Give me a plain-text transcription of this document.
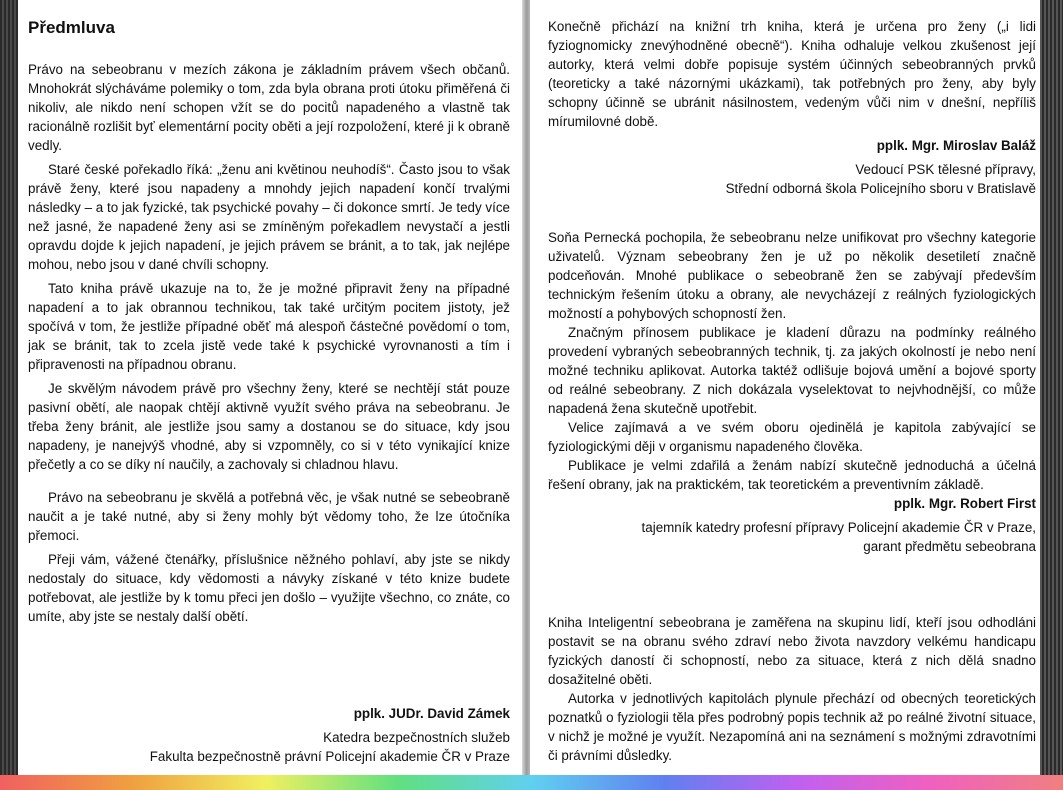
Předmluva

Právo na sebeobranu v mezích zákona je základním právem všech občanů. Mnohokrát slýcháváme polemiky o tom, zda byla obrana proti útoku přiměřená či nikoliv, ale nikdo není schopen vžít se do pocitů napadeného a vlastně tak racionálně rozlišit byť elementární pocity oběti a její rozpoložení, které ji k obraně vedly.

Staré české pořekadlo říká: „ženu ani květinou neuhodíš“. Často jsou to však právě ženy, které jsou napadeny a mnohdy jejich napadení končí trvalými následky – a to jak fyzické, tak psychické povahy – či dokonce smrtí. Je tedy více než jasné, že napadené ženy asi se zmíněným pořekadlem nevystačí a jestli opravdu dojde k jejich napadení, je jejich právem se bránit, a to tak, jak nejlépe mohou, nebo jsou v dané chvíli schopny.

Tato kniha právě ukazuje na to, že je možné připravit ženy na případné napadení a to jak obrannou technikou, tak také určitým pocitem jistoty, jež spočívá v tom, že jestliže případné oběť má alespoň částečné povědomí o tom, jak se bránit, tak to zcela jistě vede také k psychické vyrovnanosti a tím i připravenosti na případnou obranu.

Je skvělým návodem právě pro všechny ženy, které se nechtějí stát pouze pasivní obětí, ale naopak chtějí aktivně využít svého práva na sebeobranu. Je třeba ženy bránit, ale jestliže jsou samy a dostanou se do situace, kdy jsou napadeny, je nanejvýš vhodné, aby si vzpomněly, co si v této vynikající knize přečetly a co se díky ní naučily, a zachovaly si chladnou hlavu.

Právo na sebeobranu je skvělá a potřebná věc, je však nutné se sebeobraně naučit a je také nutné, aby si ženy mohly být vědomy toho, že lze útočníka přemoci.

Přeji vám, vážené čtenářky, příslušnice něžného pohlaví, aby jste se nikdy nedostaly do situace, kdy vědomosti a návyky získané v této knize budete potřebovat, ale jestliže by k tomu přeci jen došlo – využijte všechno, co znáte, co umíte, aby jste se nestaly další obětí.

pplk. JUDr. David Zámek

Katedra bezpečnostních služeb

Fakulta bezpečnostně právní Policejní akademie ČR v Praze

Konečně přichází na knižní trh kniha, která je určena pro ženy („i lidi fyziognomicky znevýhodněné obecně“). Kniha odhaluje velkou zkušenost její autorky, která velmi dobře popisuje systém účinných sebeobranných prvků (teoreticky a také názornými ukázkami), tak potřebných pro ženy, aby byly schopny účinně se ubránit násilnostem, vedeným vůči nim v dnešní, nepříliš mírumilovné době.

pplk. Mgr. Miroslav Baláž

Vedoucí PSK tělesné přípravy,

Střední odborná škola Policejního sboru v Bratislavě

Soňa Pernecká pochopila, že sebeobranu nelze unifikovat pro všechny kategorie uživatelů. Význam sebeobrany žen je už po několik desetiletí značně podceňován. Mnohé publikace o sebeobraně žen se zabývají především technickým řešením útoku a obrany, ale nevycházejí z reálných fyziologických možností a pohybových schopností žen.

Značným přínosem publikace je kladení důrazu na podmínky reálného provedení vybraných sebeobranných technik, tj. za jakých okolností je nebo není možné techniku aplikovat. Autorka taktéž odlišuje bojová umění a bojové sporty od reálné sebeobrany. Z nich dokázala vyselektovat to nejvhodnější, co může napadená žena skutečně upotřebit.

Velice zajímavá a ve svém oboru ojedinělá je kapitola zabývající se fyziologickými ději v organismu napadeného člověka.

Publikace je velmi zdařilá a ženám nabízí skutečně jednoduchá a účelná řešení obrany, jak na praktickém, tak teoretickém a preventivním základě.

pplk. Mgr. Robert First

tajemník katedry profesní přípravy Policejní akademie ČR v Praze,

garant předmětu sebeobrana

Kniha Inteligentní sebeobrana je zaměřena na skupinu lidí, kteří jsou odhodláni postavit se na obranu svého zdraví nebo života navzdory velkému handicapu fyzických daností či schopností, nebo za situace, která z nich dělá snadno dosažitelné oběti.

Autorka v jednotlivých kapitolách plynule přechází od obecných teoretických poznatků o fyziologii těla přes podrobný popis technik až po reálné životní situace, v nichž je možné je využít. Nezapomíná ani na seznámení s možnými zdravotními či právními důsledky.
